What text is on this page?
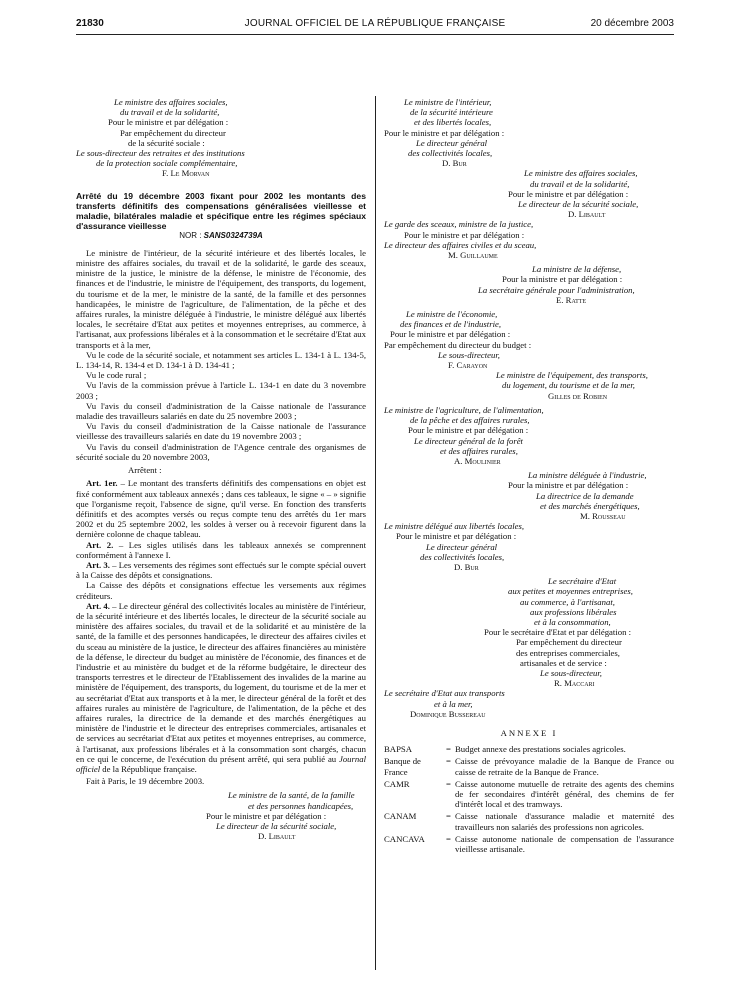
21830	JOURNAL OFFICIEL DE LA RÉPUBLIQUE FRANÇAISE	20 décembre 2003
Le ministre des affaires sociales,
du travail et de la solidarité,
Pour le ministre et par délégation :
Par empêchement du directeur
de la sécurité sociale :
Le sous-directeur des retraites et des institutions
de la protection sociale complémentaire,
F. Le Morvan
Arrêté du 19 décembre 2003 fixant pour 2002 les montants des transferts définitifs des compensations généralisées vieillesse et maladie, bilatérales maladie et spécifique entre les régimes spéciaux d'assurance vieillesse
NOR : SANS0324739A

Le ministre de l'intérieur, de la sécurité intérieure et des libertés locales, le ministre des affaires sociales, du travail et de la solidarité, le garde des sceaux, ministre de la justice, le ministre de la défense, le ministre de l'économie, des finances et de l'industrie, le ministre de l'équipement, des transports, du logement, du tourisme et de la mer, le ministre de la santé, de la famille et des personnes handicapées, le ministre de l'agriculture, de l'alimentation, de la pêche et des affaires rurales, la ministre déléguée à l'industrie, le ministre délégué aux libertés locales, le secrétaire d'Etat aux petites et moyennes entreprises, au commerce, à l'artisanat, aux professions libérales et à la consommation et le secrétaire d'Etat aux transports et à la mer,

Vu le code de la sécurité sociale, et notamment ses articles L. 134-1 à L. 134-5, L. 134-14, R. 134-4 et D. 134-1 à D. 134-41 ;

Vu le code rural ;

Vu l'avis de la commission prévue à l'article L. 134-1 en date du 3 novembre 2003 ;

Vu l'avis du conseil d'administration de la Caisse nationale de l'assurance maladie des travailleurs salariés en date du 25 novembre 2003 ;

Vu l'avis du conseil d'administration de la Caisse nationale de l'assurance vieillesse des travailleurs salariés en date du 19 novembre 2003 ;

Vu l'avis du conseil d'administration de l'Agence centrale des organismes de sécurité sociale du 20 novembre 2003,

Arrêtent :

Art. 1er. – Le montant des transferts définitifs des compensations en objet est fixé conformément aux tableaux annexés ; dans ces tableaux, le signe « – » signifie que l'organisme reçoit, l'absence de signe, qu'il verse. En fonction des transferts définitifs et des acomptes versés ou reçus compte tenu des arrêtés du 1er mars 2002 et du 25 septembre 2002, les soldes à verser ou à recevoir figurent dans la dernière colonne de chaque tableau.

Art. 2. – Les sigles utilisés dans les tableaux annexés se comprennent conformément à l'annexe I.

Art. 3. – Les versements des régimes sont effectués sur le compte spécial ouvert à la Caisse des dépôts et consignations.

La Caisse des dépôts et consignations effectue les versements aux régimes créditeurs.

Art. 4. – Le directeur général des collectivités locales au ministère de l'intérieur, de la sécurité intérieure et des libertés locales, le directeur de la sécurité sociale au ministère des affaires sociales, du travail et de la solidarité et au ministère de la santé, de la famille et des personnes handicapées, le directeur des affaires civiles et du sceau au ministère de la justice, le directeur des affaires financières au ministère de la défense, le directeur du budget au ministère de l'économie, des finances et de l'industrie et au ministère du budget et de la réforme budgétaire, le directeur des transports terrestres et le directeur de l'Etablissement des invalides de la marine au ministère de l'équipement, des transports, du logement, du tourisme et de la mer et au secrétariat d'Etat aux transports et à la mer, le directeur général de la forêt et des affaires rurales au ministère de l'agriculture, de l'alimentation, de la pêche et des affaires rurales, la directrice de la demande et des marchés énergétiques au ministère de l'industrie et le directeur des entreprises commerciales, artisanales et de services au secrétariat d'Etat aux petites et moyennes entreprises, au commerce, à l'artisanat, aux professions libérales et à la consommation sont chargés, chacun en ce qui le concerne, de l'exécution du présent arrêté, qui sera publié au Journal officiel de la République française.

Fait à Paris, le 19 décembre 2003.

Le ministre de la santé, de la famille
et des personnes handicapées,
Pour le ministre et par délégation :
Le directeur de la sécurité sociale,
D. Libault
Le ministre de l'intérieur,
de la sécurité intérieure
et des libertés locales,
Pour le ministre et par délégation :
Le directeur général
des collectivités locales,
D. Bur
Le ministre des affaires sociales,
du travail et de la solidarité,
Pour le ministre et par délégation :
Le directeur de la sécurité sociale,
D. Libault
Le garde des sceaux, ministre de la justice,
Pour le ministre et par délégation :
Le directeur des affaires civiles et du sceau,
M. Guillaume
La ministre de la défense,
Pour la ministre et par délégation :
La secrétaire générale pour l'administration,
E. Ratte
Le ministre de l'économie,
des finances et de l'industrie,
Pour le ministre et par délégation :
Par empêchement du directeur du budget :
Le sous-directeur,
F. Carayon
Le ministre de l'équipement, des transports,
du logement, du tourisme et de la mer,
Gilles de Robien
Le ministre de l'agriculture, de l'alimentation,
de la pêche et des affaires rurales,
Pour le ministre et par délégation :
Le directeur général de la forêt
et des affaires rurales,
A. Moulinier
La ministre déléguée à l'industrie,
Pour la ministre et par délégation :
La directrice de la demande
et des marchés énergétiques,
M. Rousseau
Le ministre délégué aux libertés locales,
Pour le ministre et par délégation :
Le directeur général
des collectivités locales,
D. Bur
Le secrétaire d'Etat
aux petites et moyennes entreprises,
au commerce, à l'artisanat,
aux professions libérales
et à la consommation,
Pour le secrétaire d'Etat et par délégation :
Par empêchement du directeur
des entreprises commerciales,
artisanales et de service :
Le sous-directeur,
R. Maccari
Le secrétaire d'Etat aux transports
et à la mer,
Dominique Bussereau
ANNEXE I
BAPSA	=	Budget annexe des prestations sociales agricoles.
Banque de France	=	Caisse de prévoyance maladie de la Banque de France ou caisse de retraite de la Banque de France.
CAMR	=	Caisse autonome mutuelle de retraite des agents des chemins de fer secondaires d'intérêt général, des chemins de fer d'intérêt local et des tramways.
CANAM	=	Caisse nationale d'assurance maladie et maternité des travailleurs non salariés des professions non agricoles.
CANCAVA	=	Caisse autonome nationale de compensation de l'assurance vieillesse artisanale.
